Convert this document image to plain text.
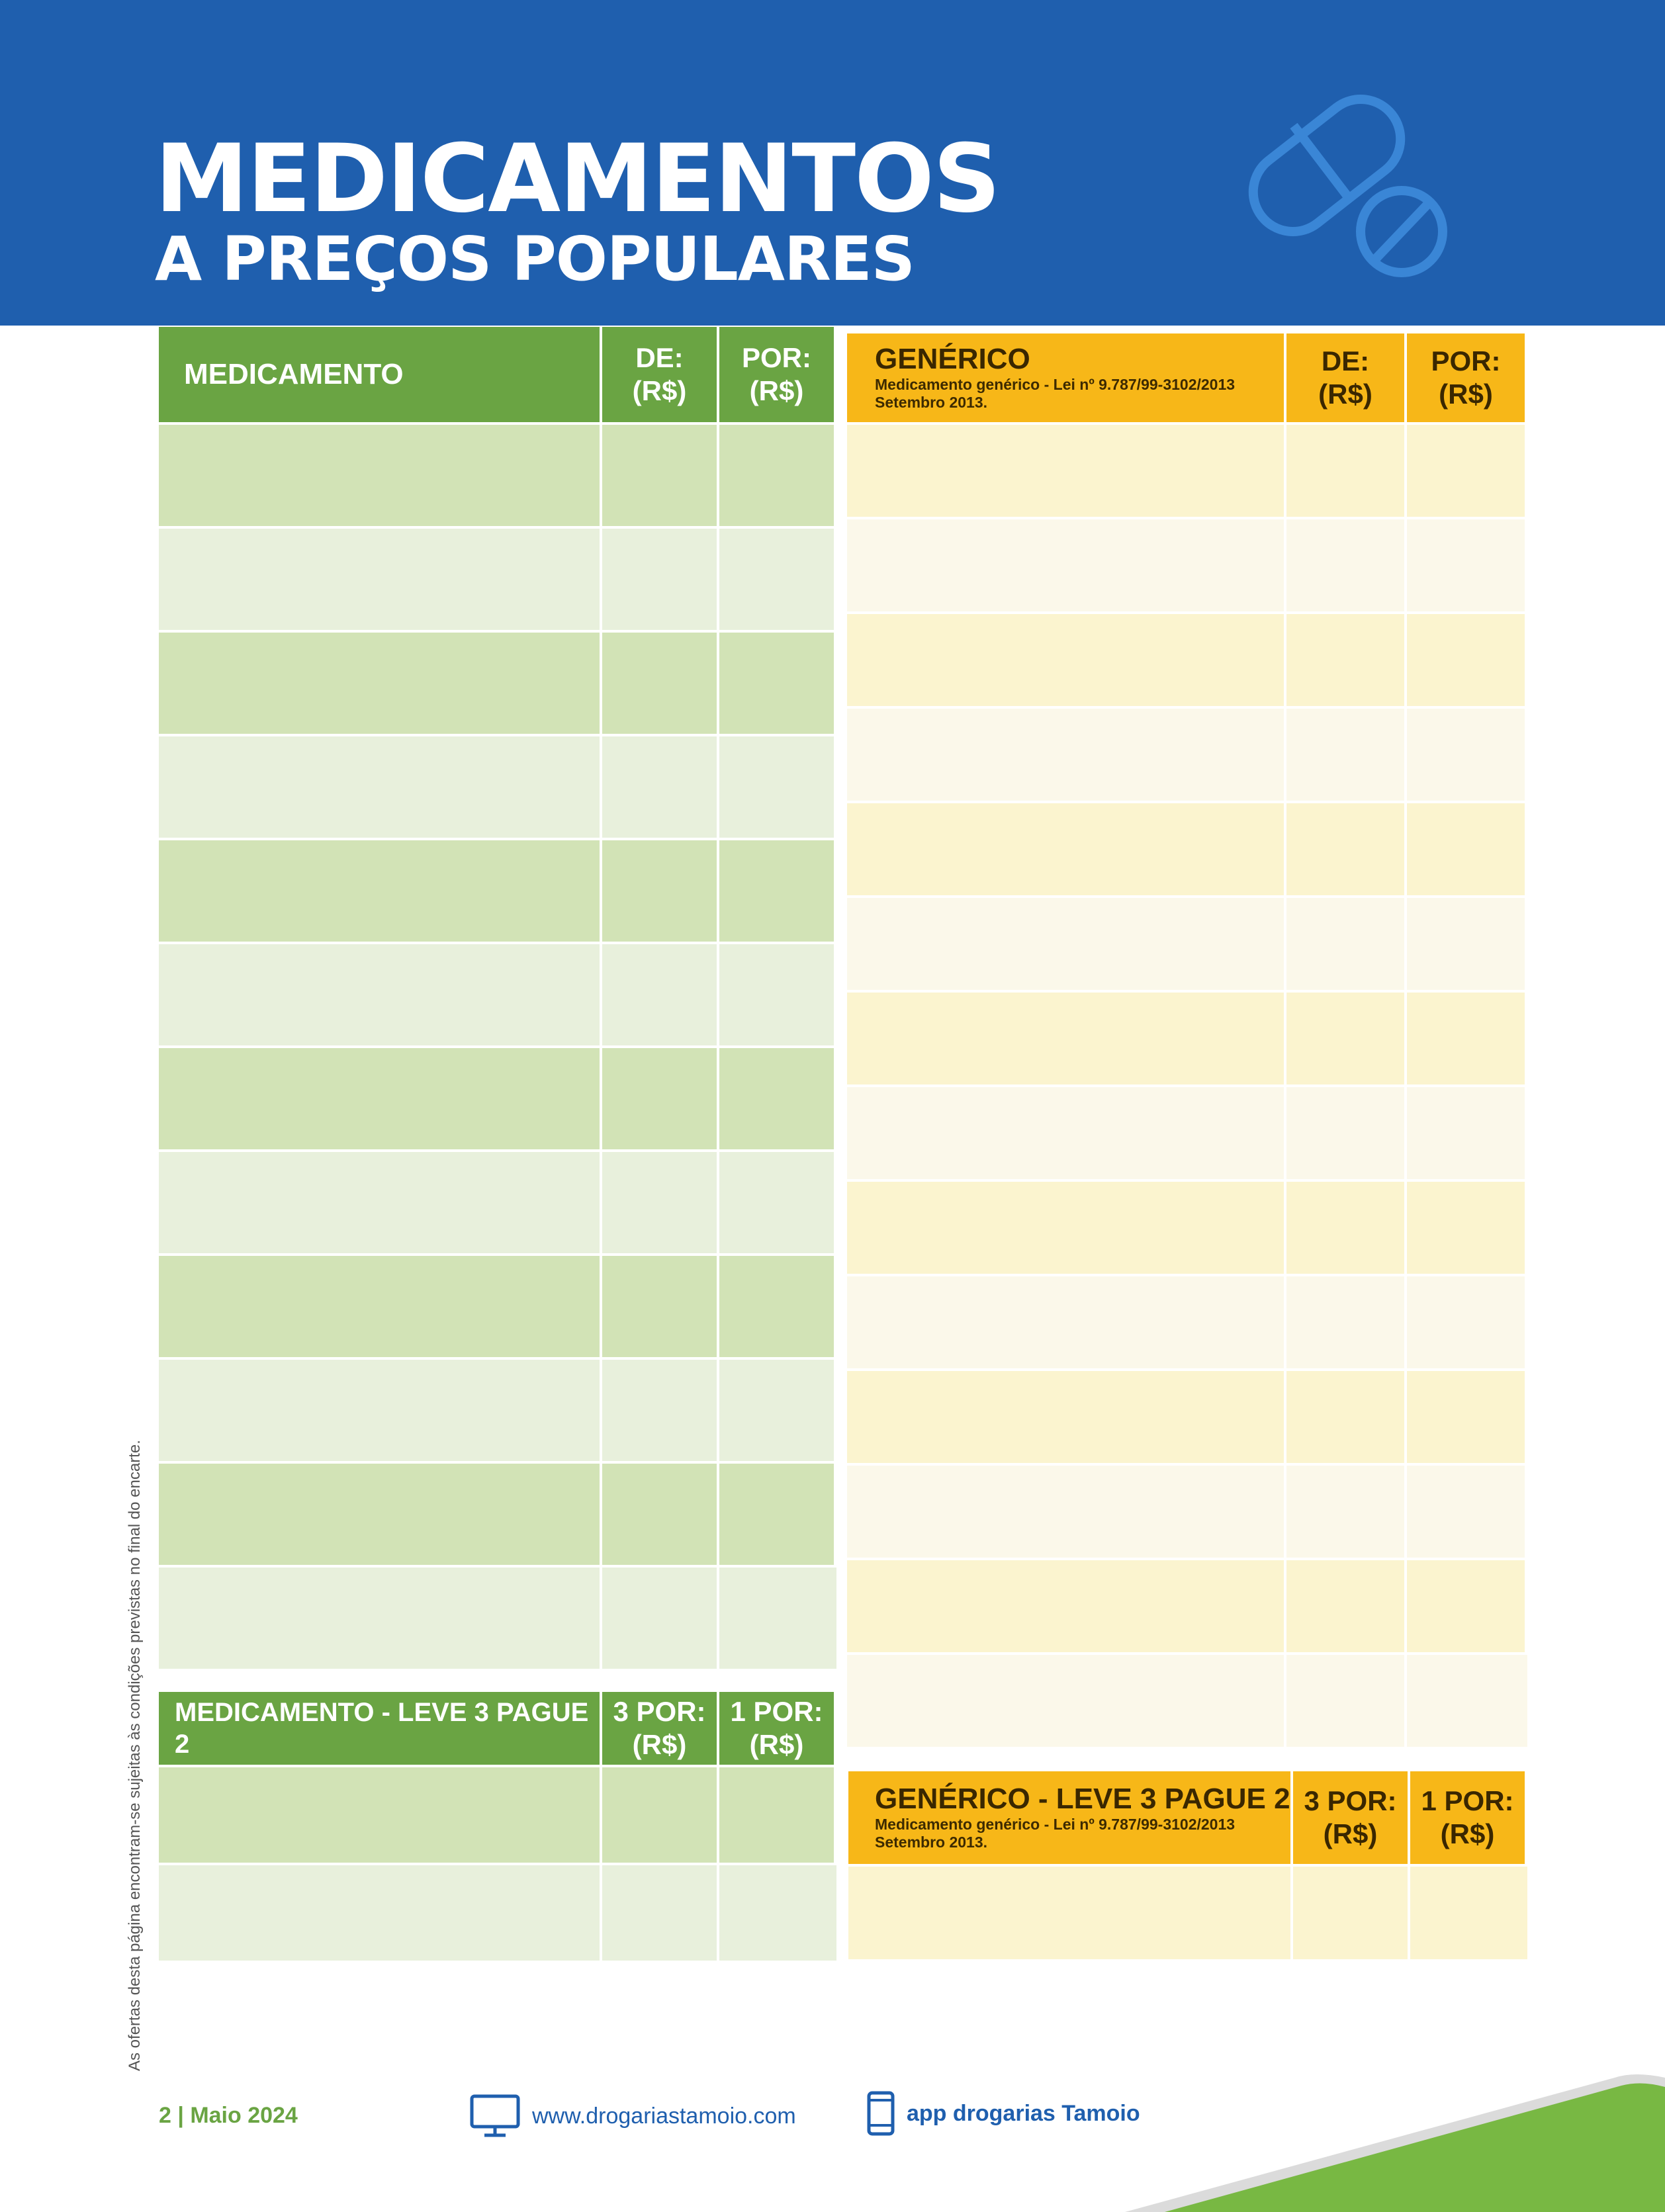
MEDICAMENTOS
A PREÇOS POPULARES
MEDICAMENTO
DE:
(R$)
POR:
(R$)
MEDICAMENTO - LEVE 3 PAGUE 2
3 POR:
(R$)
1 POR:
(R$)
GENÉRICO
Medicamento genérico - Lei nº 9.787/99-3102/2013
Setembro 2013.
DE:
(R$)
POR:
(R$)
GENÉRICO - LEVE 3 PAGUE 2
Medicamento genérico - Lei nº 9.787/99-3102/2013
Setembro 2013.
3 POR:
(R$)
1 POR:
(R$)
As ofertas desta página encontram-se sujeitas às condições previstas no final do encarte.
2 | Maio 2024	www.drogariastamoio.com	app drogarias Tamoio
